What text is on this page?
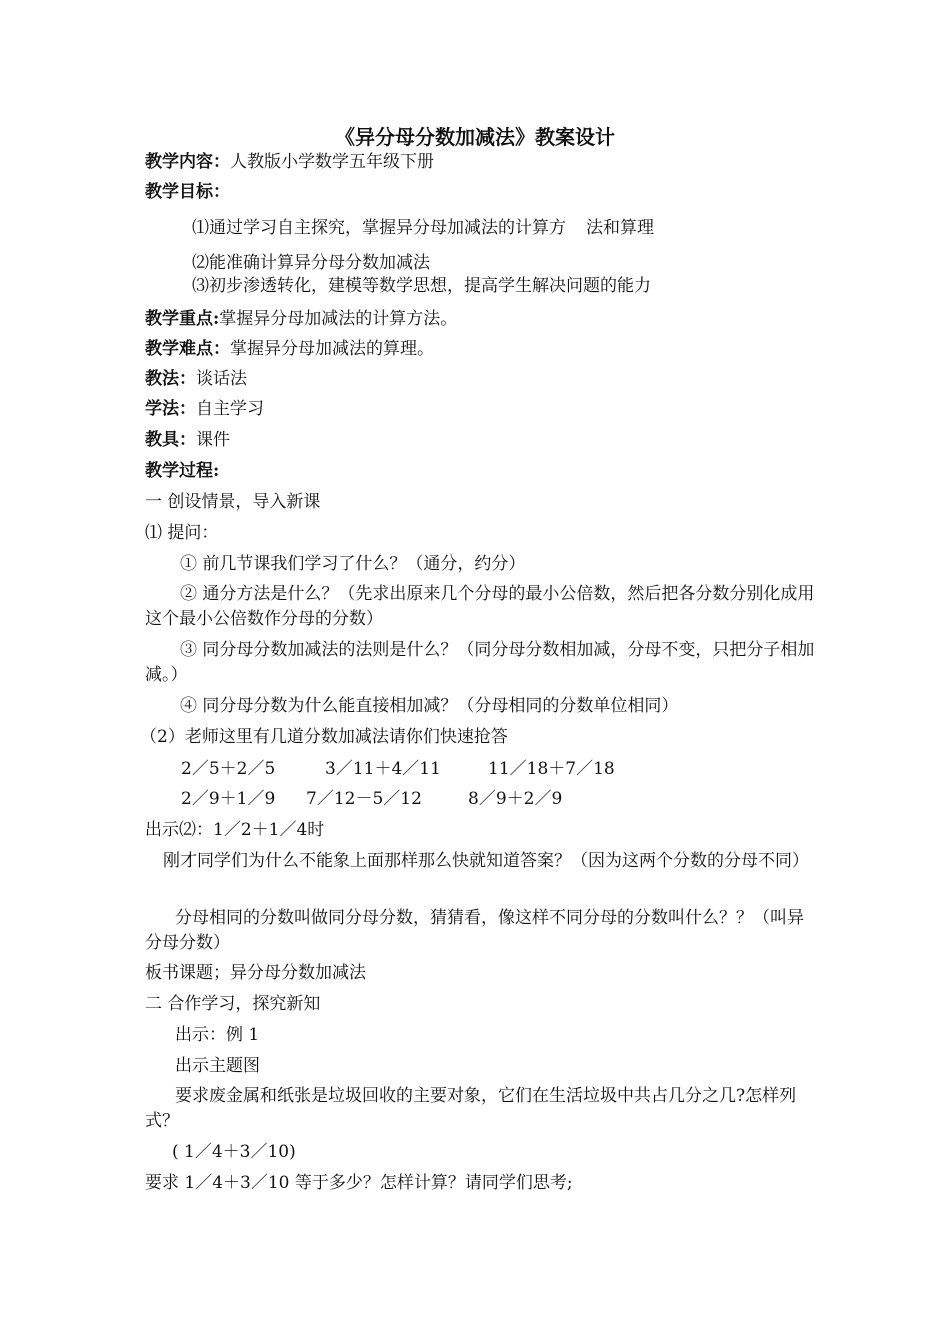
《异分母分数加减法》教案设计
教学内容：人教版小学数学五年级下册
教学目标：
⑴通过学习自主探究，掌握异分母加减法的计算方 法和算理
⑵能准确计算异分母分数加减法
⑶初步渗透转化，建模等数学思想，提高学生解决问题的能力
教学重点:掌握异分母加减法的计算方法。
教学难点：掌握异分母加减法的算理。
教法：谈话法
学法：自主学习
教具：课件
教学过程:
一 创设情景，导入新课
⑴ 提问：
① 前几节课我们学习了什么？（通分，约分）
② 通分方法是什么？（先求出原来几个分母的最小公倍数，然后把各分数分别化成用这个最小公倍数作分母的分数）
③ 同分母分数加减法的法则是什么？（同分母分数相加减，分母不变，只把分子相加减。）
④ 同分母分数为什么能直接相加减？（分母相同的分数单位相同）
（2）老师这里有几道分数加减法请你们快速抢答
2／5＋2／5	3／11＋4／11	11／18＋7／18
2／9＋1／9 7／12－5／12	8／9＋2／9
出示⑵：1／2＋1／4时
刚才同学们为什么不能象上面那样那么快就知道答案？（因为这两个分数的分母不同）
分母相同的分数叫做同分母分数，猜猜看，像这样不同分母的分数叫什么？？（叫异分母分数）
板书课题；异分母分数加减法
二 合作学习，探究新知
出示：例 1
出示主题图
要求废金属和纸张是垃圾回收的主要对象，它们在生活垃圾中共占几分之几?怎样列式？
( 1／4＋3／10)
要求 1／4＋3／10 等于多少？怎样计算？请同学们思考;
